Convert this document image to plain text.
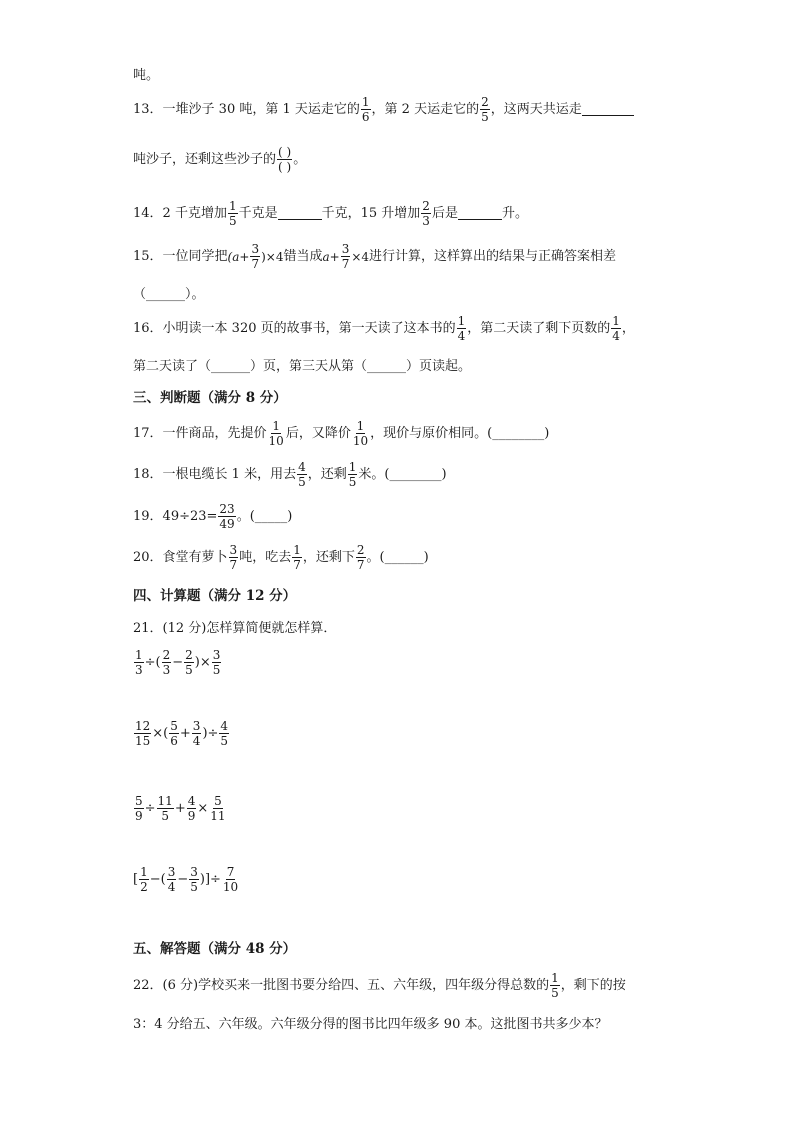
吨。
13．一堆沙子 30 吨，第 1 天运走它的 $\frac{1}{6}$ ，第 2 天运走它的 $\frac{2}{5}$ ，这两天共运走
吨沙子，还剩这些沙子的 $\frac{( )}{( )}$ 。
14．2 千克增加 $\frac{1}{5}$ 千克是	千克，15 升增加 $\frac{2}{3}$ 后是	升。
15．一位同学把 $(a+ \frac{3}{7} )\times 4$ 错当成 $a+ \frac{3}{7} \times 4$ 进行计算，这样算出的结果与正确答案相差
（______）。
16．小明读一本 320 页的故事书，第一天读了这本书的 $\frac{1}{4}$ ，第二天读了剩下页数的 $\frac{1}{4}$ ，
第二天读了（______）页，第三天从第（______）页读起。
三、判断题（满分 8 分）
17．一件商品，先提价 $\frac{1}{10}$ 后，又降价 $\frac{1}{10}$ ，现价与原价相同。(________)
18．一根电缆长 1 米，用去 $\frac{4}{5}$ ，还剩 $\frac{1}{5}$ 米。(________)
19．$49\div 23= \frac{23}{49}$ 。(_____)
20．食堂有萝卜 $\frac{3}{7}$ 吨，吃去 $\frac{1}{7}$ ，还剩下 $\frac{2}{7}$ 。(______)
四、计算题（满分 12 分）
21．(12 分)怎样算简便就怎样算．
$\frac{1}{3}$ ÷( $\frac{2}{3} - \frac{2}{5}$ )× $\frac{3}{5}$
$\frac{12}{15}$ ×( $\frac{5}{6} + \frac{3}{4}$ )÷ $\frac{4}{5}$
$\frac{5}{9} \div \frac{11}{5} + \frac{4}{9} \times \frac{5}{11}$
[ $\frac{1}{2}$ −( $\frac{3}{4} - \frac{3}{5}$ )]÷ $\frac{7}{10}$
五、解答题（满分 48 分）
22．(6 分)学校买来一批图书要分给四、五、六年级，四年级分得总数的 $\frac{1}{5}$ ，剩下的按
3：4 分给五、六年级。六年级分得的图书比四年级多 90 本。这批图书共多少本？
